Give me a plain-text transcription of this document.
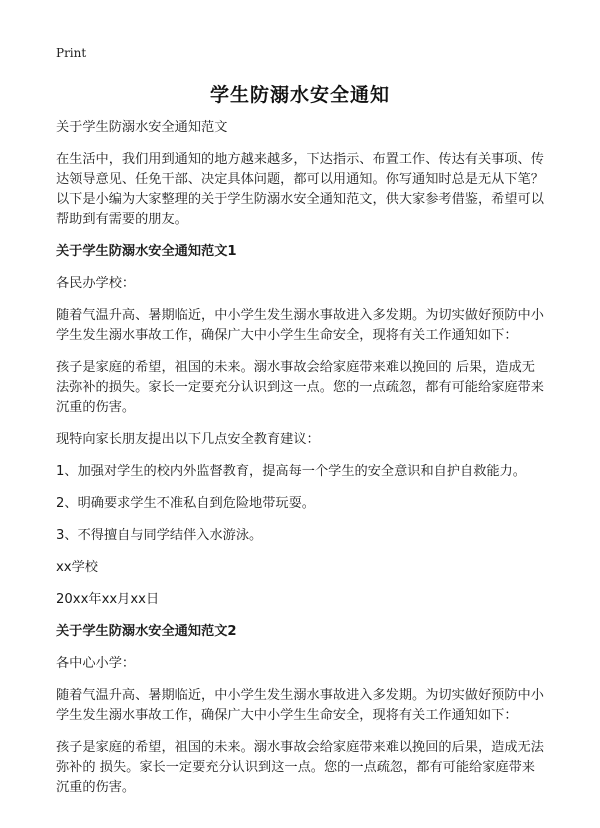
Print
学生防溺水安全通知

关于学生防溺水安全通知范文

在生活中，我们用到通知的地方越来越多，下达指示、布置工作、传达有关事项、传达领导意见、任免干部、决定具体问题，都可以用通知。你写通知时总是无从下笔？以下是小编为大家整理的关于学生防溺水安全通知范文，供大家参考借鉴，希望可以帮助到有需要的朋友。

关于学生防溺水安全通知范文1

各民办学校：

随着气温升高、暑期临近，中小学生发生溺水事故进入多发期。为切实做好预防中小学生发生溺水事故工作，确保广大中小学生生命安全，现将有关工作通知如下：

孩子是家庭的希望，祖国的未来。溺水事故会给家庭带来难以挽回的 后果，造成无法弥补的损失。家长一定要充分认识到这一点。您的一点疏忽，都有可能给家庭带来沉重的伤害。

现特向家长朋友提出以下几点安全教育建议：

1、加强对学生的校内外监督教育，提高每一个学生的安全意识和自护自救能力。

2、明确要求学生不准私自到危险地带玩耍。

3、不得擅自与同学结伴入水游泳。

xx学校

20xx年xx月xx日

关于学生防溺水安全通知范文2

各中心小学：

随着气温升高、暑期临近，中小学生发生溺水事故进入多发期。为切实做好预防中小学生发生溺水事故工作，确保广大中小学生生命安全，现将有关工作通知如下：

孩子是家庭的希望，祖国的未来。溺水事故会给家庭带来难以挽回的后果，造成无法弥补的 损失。家长一定要充分认识到这一点。您的一点疏忽，都有可能给家庭带来沉重的伤害。
